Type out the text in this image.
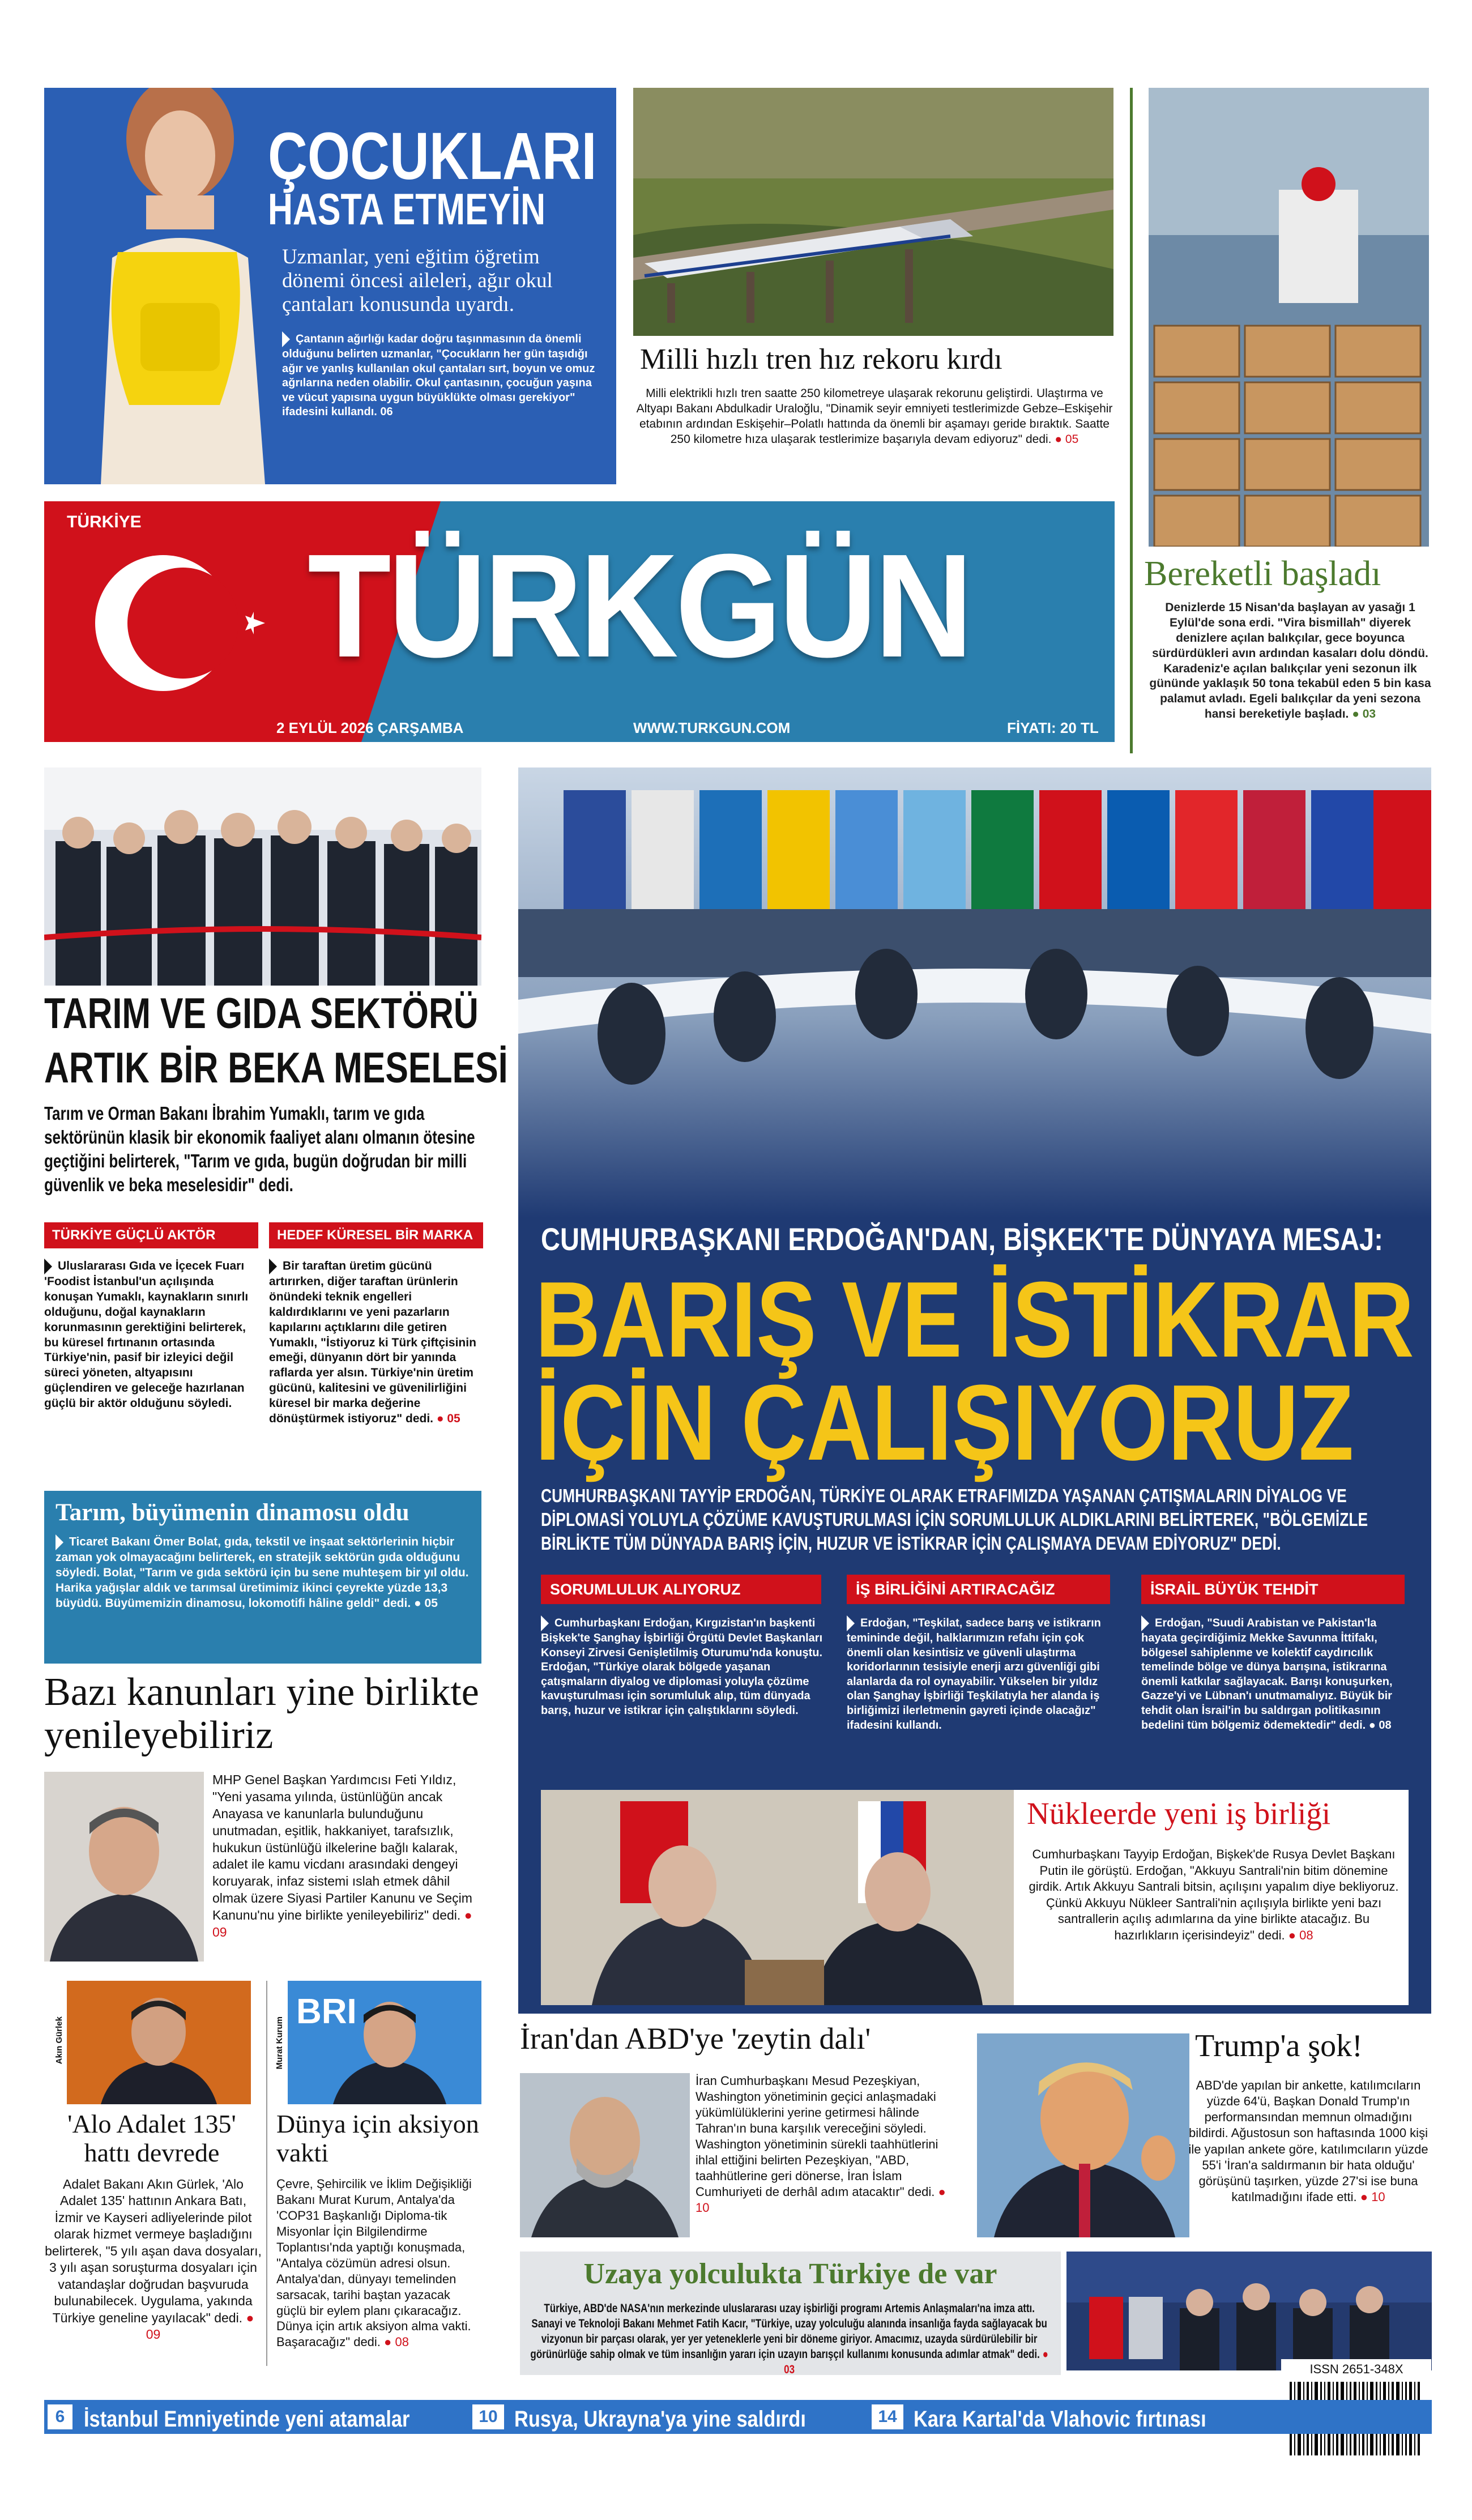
ÇOCUKLARI
HASTA ETMEYİN
Uzmanlar, yeni eğitim öğretim dönemi öncesi aileleri, ağır okul çantaları konusunda uyardı.
Çantanın ağırlığı kadar doğru taşınmasının da önemli olduğunu belirten uzmanlar, "Çocukların her gün taşıdığı ağır ve yanlış kullanılan okul çantaları sırt, boyun ve omuz ağrılarına neden olabilir. Okul çantasının, çocuğun yaşına ve vücut yapısına uygun büyüklükte olması gerekiyor" ifadesini kullandı. 06
Milli hızlı tren hız rekoru kırdı
Milli elektrikli hızlı tren saatte 250 kilometreye ulaşarak rekorunu geliştirdi. Ulaştırma ve Altyapı Bakanı Abdulkadir Uraloğlu, "Dinamik seyir emniyeti testlerimizde Gebze–Eskişehir etabının ardından Eskişehir–Polatlı hattında da önemli bir aşamayı geride bıraktık. Saatte 250 kilometre hıza ulaşarak testlerimize başarıyla devam ediyoruz" dedi. ● 05
Bereketli başladı
Denizlerde 15 Nisan'da başlayan av yasağı 1 Eylül'de sona erdi. "Vira bismillah" diyerek denizlere açılan balıkçılar, gece boyunca sürdürdükleri avın ardından kasaları dolu döndü. Karadeniz'e açılan balıkçılar yeni sezonun ilk gününde yaklaşık 50 tona tekabül eden 5 bin kasa palamut avladı. Egeli balıkçılar da yeni sezona hansi bereketiyle başladı. ● 03
TÜRKİYE
TÜRKGÜN
2 EYLÜL 2026 ÇARŞAMBA	WWW.TURKGUN.COM	FİYATI: 20 TL
TARIM VE GIDA SEKTÖRÜ
ARTIK BİR BEKA MESELESİ
Tarım ve Orman Bakanı İbrahim Yumaklı, tarım ve gıda sektörünün klasik bir ekonomik faaliyet alanı olmanın ötesine geçtiğini belirterek, "Tarım ve gıda, bugün doğrudan bir milli güvenlik ve beka meselesidir" dedi.
TÜRKİYE GÜÇLÜ AKTÖR	HEDEF KÜRESEL BİR MARKA
Uluslararası Gıda ve İçecek Fuarı 'Foodist İstanbul'un açılışında konuşan Yumaklı, kaynakların sınırlı olduğunu, doğal kaynakların korunmasının gerektiğini belirterek, bu küresel fırtınanın ortasında Türkiye'nin, pasif bir izleyici değil süreci yöneten, altyapısını güçlendiren ve geleceğe hazırlanan güçlü bir aktör olduğunu söyledi.
Bir taraftan üretim gücünü artırırken, diğer taraftan ürünlerin önündeki teknik engelleri kaldırdıklarını ve yeni pazarların kapılarını açtıklarını dile getiren Yumaklı, "İstiyoruz ki Türk çiftçisinin emeği, dünyanın dört bir yanında raflarda yer alsın. Türkiye'nin üretim gücünü, kalitesini ve güvenilirliğini küresel bir marka değerine dönüştürmek istiyoruz" dedi. ● 05
Tarım, büyümenin dinamosu oldu
Ticaret Bakanı Ömer Bolat, gıda, tekstil ve inşaat sektörlerinin hiçbir zaman yok olmayacağını belirterek, en stratejik sektörün gıda olduğunu söyledi. Bolat, "Tarım ve gıda sektörü için bu sene muhteşem bir yıl oldu. Harika yağışlar aldık ve tarımsal üretimimiz ikinci çeyrekte yüzde 13,3 büyüdü. Büyümemizin dinamosu, lokomotifi hâline geldi" dedi. ● 05
Bazı kanunları yine birlikte yenileyebiliriz
MHP Genel Başkan Yardımcısı Feti Yıldız, "Yeni yasama yılında, üstünlüğün ancak Anayasa ve kanunlarla bulunduğunu unutmadan, eşitlik, hakkaniyet, tarafsızlık, hukukun üstünlüğü ilkelerine bağlı kalarak, adalet ile kamu vicdanı arasındaki dengeyi koruyarak, infaz sistemi ıslah etmek dâhil olmak üzere Siyasi Partiler Kanunu ve Seçim Kanunu'nu yine birlikte yenileyebiliriz" dedi. ● 09
Akın Gürlek
'Alo Adalet 135' hattı devrede
Adalet Bakanı Akın Gürlek, 'Alo Adalet 135' hattının Ankara Batı, İzmir ve Kayseri adliyelerinde pilot olarak hizmet vermeye başladığını belirterek, "5 yılı aşan dava dosyaları, 3 yılı aşan soruşturma dosyaları için vatandaşlar doğrudan başvuruda bulunabilecek. Uygulama, yakında Türkiye geneline yayılacak" dedi. ● 09
Murat Kurum
BRI
Dünya için aksiyon vakti
Çevre, Şehircilik ve İklim Değişikliği Bakanı Murat Kurum, Antalya'da 'COP31 Başkanlığı Diploma-tik Misyonlar İçin Bilgilendirme Toplantısı'nda yaptığı konuşmada, "Antalya cözümün adresi olsun. Antalya'dan, dünyayı temelinden sarsacak, tarihi baştan yazacak güçlü bir eylem planı çıkaracağız. Dünya için artık aksiyon alma vakti. Başaracağız" dedi. ● 08
CUMHURBAŞKANI ERDOĞAN'DAN, BİŞKEK'TE DÜNYAYA MESAJ:
BARIŞ VE İSTİKRAR
İÇİN ÇALIŞIYORUZ
CUMHURBAŞKANI TAYYİP ERDOĞAN, TÜRKİYE OLARAK ETRAFIMIZDA YAŞANAN ÇATIŞMALARIN DİYALOG VE DİPLOMASİ YOLUYLA ÇÖZÜME KAVUŞTURULMASI İÇİN SORUMLULUK ALDIKLARINI BELİRTEREK, "BÖLGEMİZLE BİRLİKTE TÜM DÜNYADA BARIŞ İÇİN, HUZUR VE İSTİKRAR İÇİN ÇALIŞMAYA DEVAM EDİYORUZ" DEDİ.
SORUMLULUK ALIYORUZ	İŞ BİRLİĞİNİ ARTIRACAĞIZ	İSRAİL BÜYÜK TEHDİT
Cumhurbaşkanı Erdoğan, Kırgızistan'ın başkenti Bişkek'te Şanghay İşbirliği Örgütü Devlet Başkanları Konseyi Zirvesi Genişletilmiş Oturumu'nda konuştu. Erdoğan, "Türkiye olarak bölgede yaşanan çatışmaların diyalog ve diplomasi yoluyla çözüme kavuşturulması için sorumluluk alıp, tüm dünyada barış, huzur ve istikrar için çalıştıklarını söyledi.
Erdoğan, "Teşkilat, sadece barış ve istikrarın temininde değil, halklarımızın refahı için çok önemli olan kesintisiz ve güvenli ulaştırma koridorlarının tesisiyle enerji arzı güvenliği gibi alanlarda da rol oynayabilir. Yükselen bir yıldız olan Şanghay İşbirliği Teşkilatıyla her alanda iş birliğimizi ilerletmenin gayreti içinde olacağız" ifadesini kullandı.
Erdoğan, "Suudi Arabistan ve Pakistan'la hayata geçirdiğimiz Mekke Savunma İttifakı, bölgesel sahiplenme ve kolektif caydırıcılık temelinde bölge ve dünya barışına, istikrarına önemli katkılar sağlayacak. Barışı konuşurken, Gazze'yi ve Lübnan'ı unutmamalıyız. Büyük bir tehdit olan İsrail'in bu saldırgan politikasının bedelini tüm bölgemiz ödemektedir" dedi. ● 08
Nükleerde yeni iş birliği
Cumhurbaşkanı Tayyip Erdoğan, Bişkek'de Rusya Devlet Başkanı Putin ile görüştü. Erdoğan, "Akkuyu Santrali'nin bitim dönemine girdik. Artık Akkuyu Santrali bitsin, açılışını yapalım diye bekliyoruz. Çünkü Akkuyu Nükleer Santrali'nin açılışıyla birlikte yeni bazı santrallerin açılış adımlarına da yine birlikte atacağız. Bu hazırlıkların içerisindeyiz" dedi. ● 08
İran'dan ABD'ye 'zeytin dalı'
İran Cumhurbaşkanı Mesud Pezeşkiyan, Washington yönetiminin geçici anlaşmadaki yükümlülüklerini yerine getirmesi hâlinde Tahran'ın buna karşılık vereceğini söyledi. Washington yönetiminin sürekli taahhütlerini ihlal ettiğini belirten Pezeşkiyan, "ABD, taahhütlerine geri dönerse, İran İslam Cumhuriyeti de derhâl adım atacaktır" dedi. ● 10
Trump'a şok!
ABD'de yapılan bir ankette, katılımcıların yüzde 64'ü, Başkan Donald Trump'ın performansından memnun olmadığını bildirdi. Ağustosun son haftasında 1000 kişi ile yapılan ankete göre, katılımcıların yüzde 55'i 'İran'a saldırmanın bir hata olduğu' görüşünü taşırken, yüzde 27'si ise buna katılmadığını ifade etti. ● 10
Uzaya yolculukta Türkiye de var
Türkiye, ABD'de NASA'nın merkezinde uluslararası uzay işbirliği programı Artemis Anlaşmaları'na imza attı. Sanayi ve Teknoloji Bakanı Mehmet Fatih Kacır, "Türkiye, uzay yolculuğu alanında insanlığa fayda sağlayacak bu vizyonun bir parçası olarak, yer yer yeteneklerle yeni bir döneme giriyor. Amacımız, uzayda sürdürülebilir bir görünürlüğe sahip olmak ve tüm insanlığın yararı için uzayın barışçıl kullanımı konusunda adımlar atmak" dedi. ● 03	ISSN 2651-348X
6 İstanbul Emniyetinde yeni atamalar	10 Rusya, Ukrayna'ya yine saldırdı	14 Kara Kartal'da Vlahovic fırtınası
